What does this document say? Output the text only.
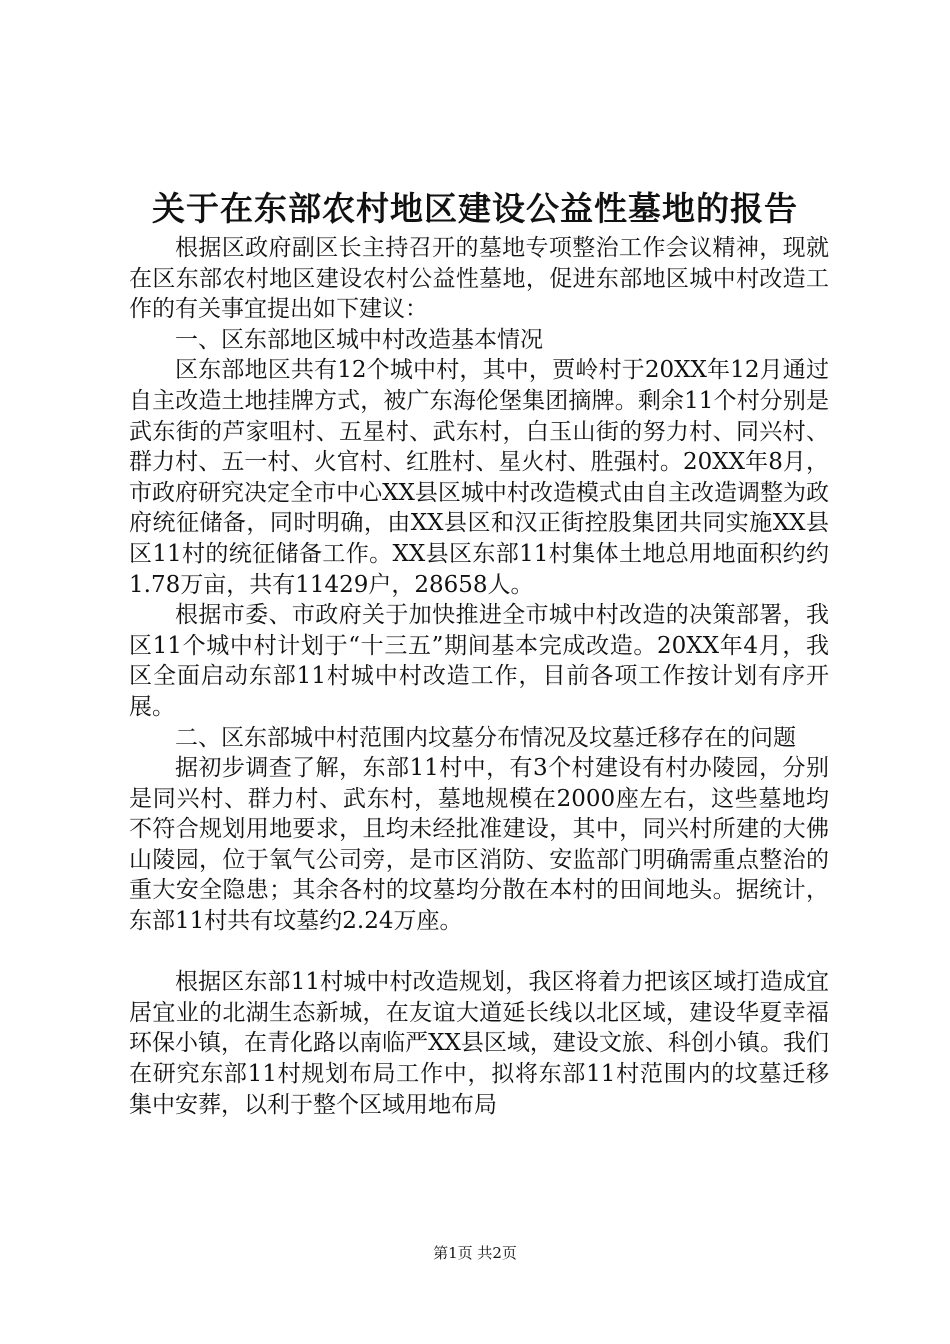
关于在东部农村地区建设公益性墓地的报告

根据区政府副区长主持召开的墓地专项整治工作会议精神，现就在区东部农村地区建设农村公益性墓地，促进东部地区城中村改造工作的有关事宜提出如下建议：

一、区东部地区城中村改造基本情况

区东部地区共有12个城中村，其中，贾岭村于20XX年12月通过自主改造土地挂牌方式，被广东海伦堡集团摘牌。剩余11个村分别是武东街的芦家咀村、五星村、武东村，白玉山街的努力村、同兴村、群力村、五一村、火官村、红胜村、星火村、胜强村。20XX年8月，市政府研究决定全市中心XX县区城中村改造模式由自主改造调整为政府统征储备，同时明确，由XX县区和汉正街控股集团共同实施XX县区11村的统征储备工作。XX县区东部11村集体土地总用地面积约约1.78万亩，共有11429户，28658人。

根据市委、市政府关于加快推进全市城中村改造的决策部署，我区11个城中村计划于“十三五”期间基本完成改造。20XX年4月，我区全面启动东部11村城中村改造工作，目前各项工作按计划有序开展。

二、区东部城中村范围内坟墓分布情况及坟墓迁移存在的问题

据初步调查了解，东部11村中，有3个村建设有村办陵园，分别是同兴村、群力村、武东村，墓地规模在2000座左右，这些墓地均不符合规划用地要求，且均未经批准建设，其中，同兴村所建的大佛山陵园，位于氧气公司旁，是市区消防、安监部门明确需重点整治的重大安全隐患；其余各村的坟墓均分散在本村的田间地头。据统计，东部11村共有坟墓约2.24万座。

根据区东部11村城中村改造规划，我区将着力把该区域打造成宜居宜业的北湖生态新城，在友谊大道延长线以北区域，建设华夏幸福环保小镇，在青化路以南临严XX县区域，建设文旅、科创小镇。我们在研究东部11村规划布局工作中，拟将东部11村范围内的坟墓迁移集中安葬，以利于整个区域用地布局

第1页 共2页
